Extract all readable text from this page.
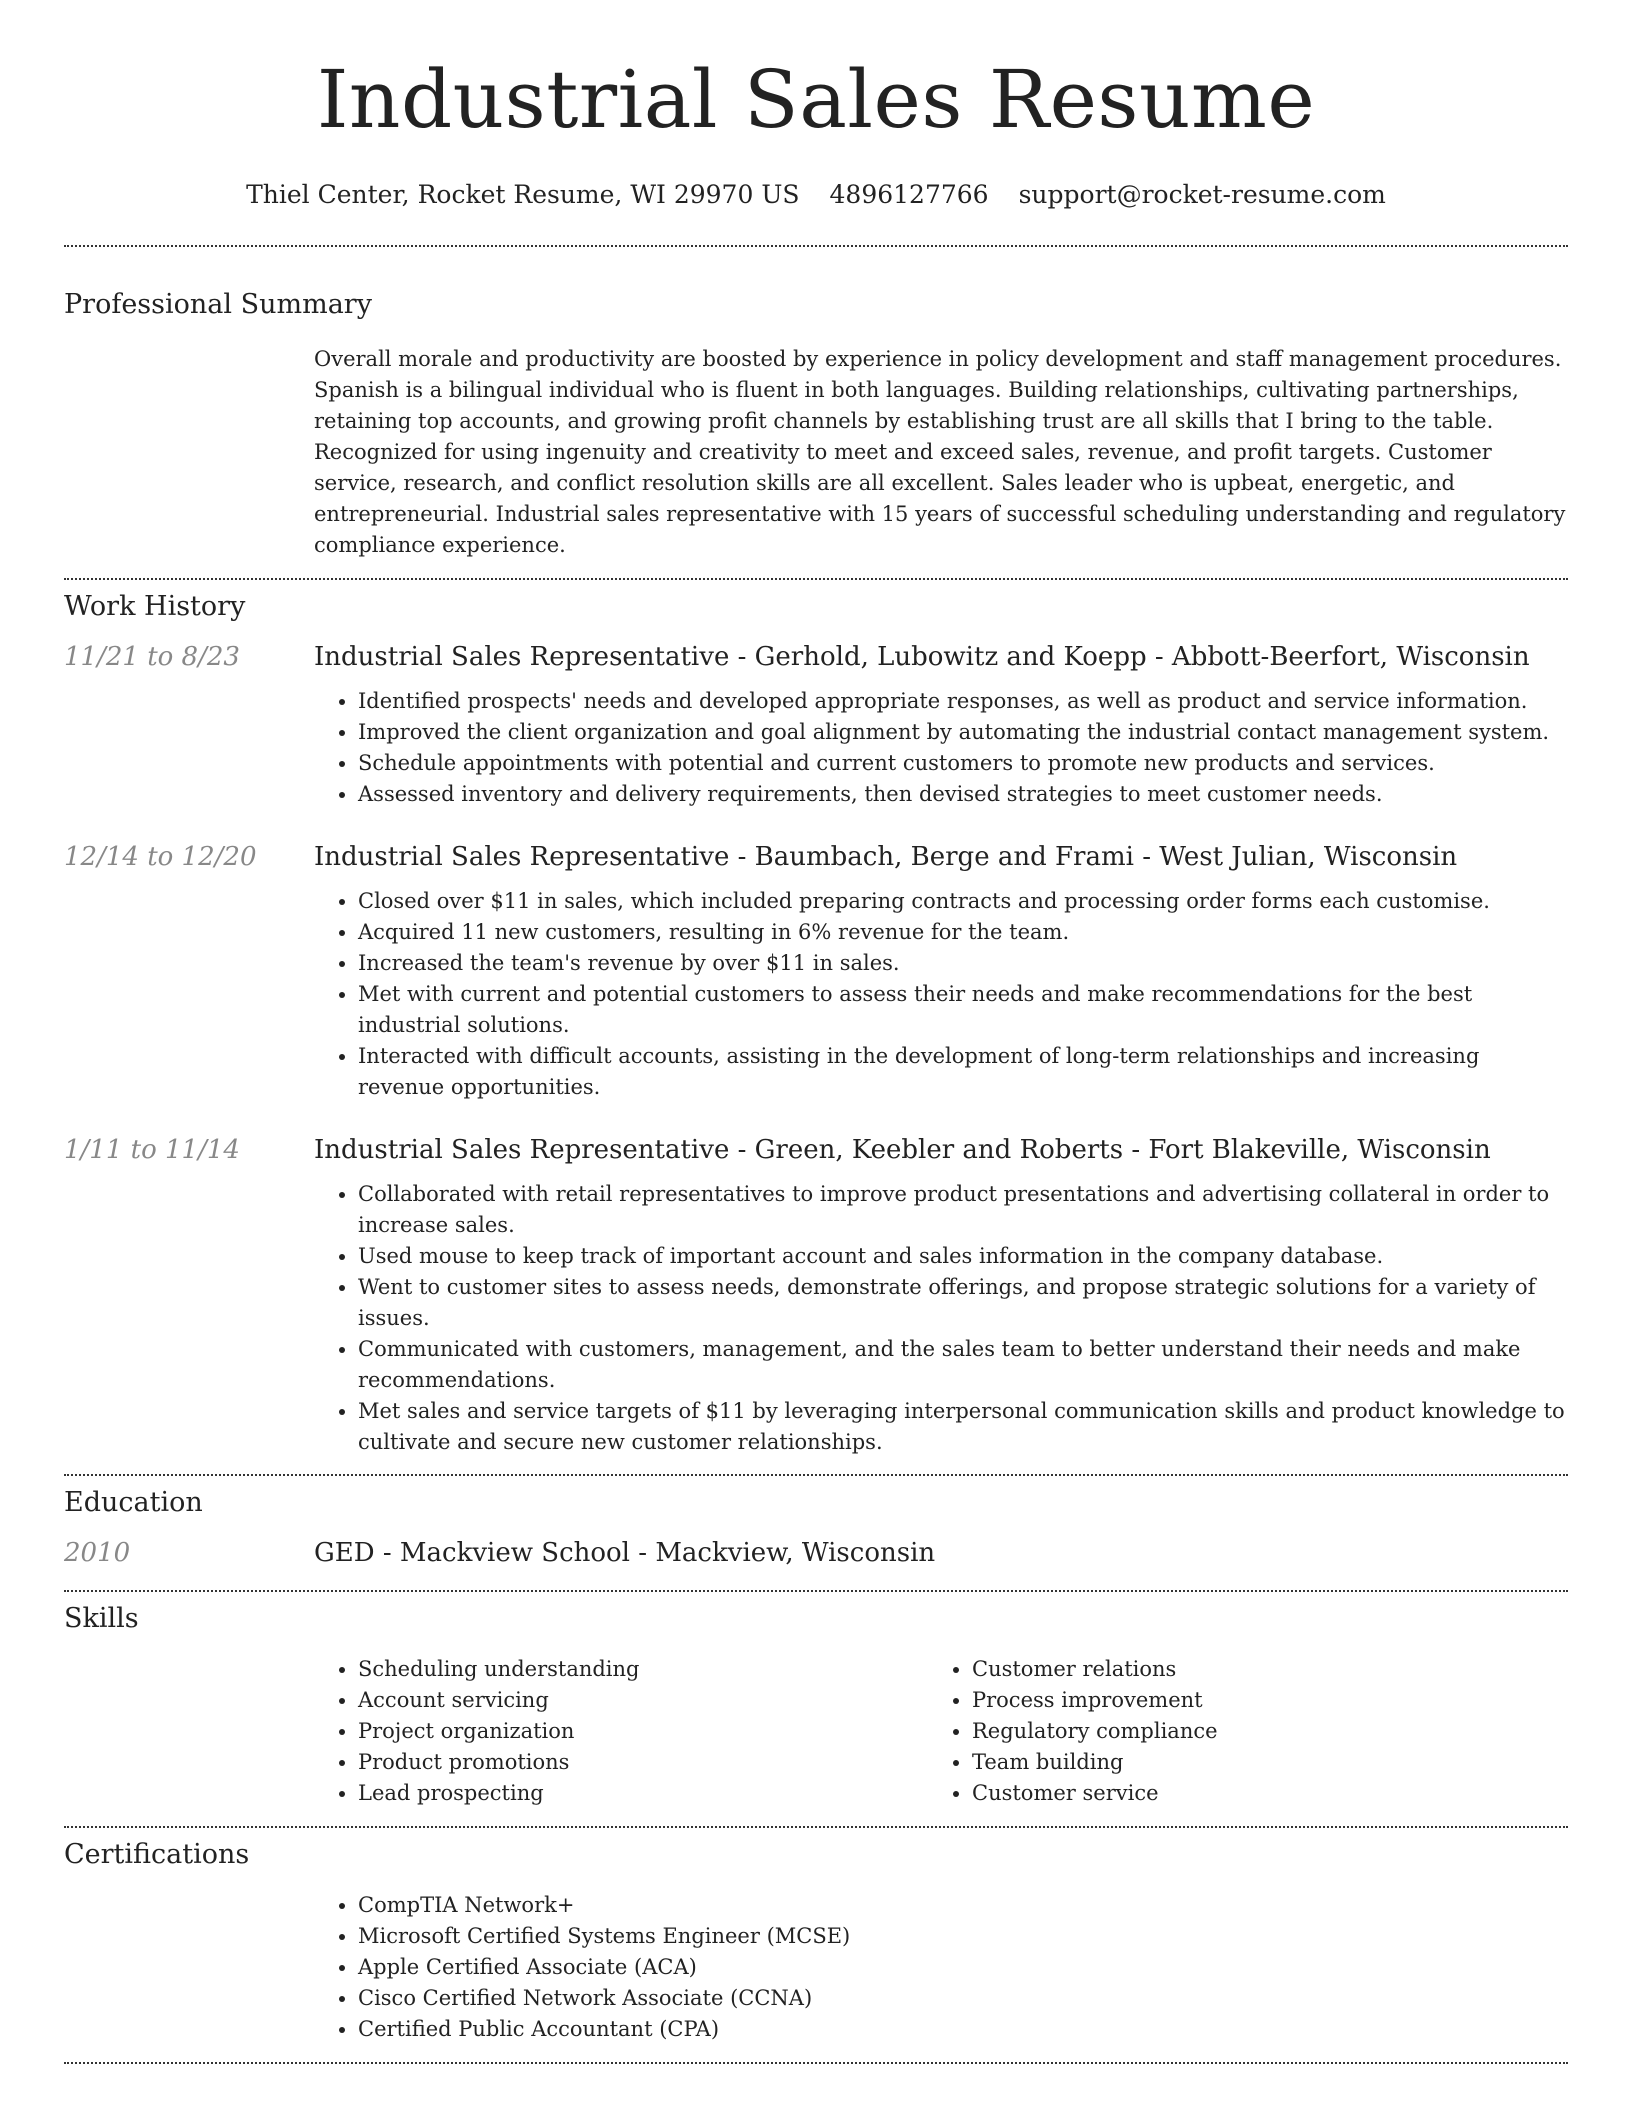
Industrial Sales Resume
Thiel Center, Rocket Resume, WI 29970 US 4896127766 support@rocket-resume.com
Professional Summary
Overall morale and productivity are boosted by experience in policy development and staff management procedures. Spanish is a bilingual individual who is fluent in both languages. Building relationships, cultivating partnerships, retaining top accounts, and growing profit channels by establishing trust are all skills that I bring to the table. Recognized for using ingenuity and creativity to meet and exceed sales, revenue, and profit targets. Customer service, research, and conflict resolution skills are all excellent. Sales leader who is upbeat, energetic, and entrepreneurial. Industrial sales representative with 15 years of successful scheduling understanding and regulatory compliance experience.
Work History
11/21 to 8/23	Industrial Sales Representative - Gerhold, Lubowitz and Koepp - Abbott-Beerfort, Wisconsin
• Identified prospects' needs and developed appropriate responses, as well as product and service information.
• Improved the client organization and goal alignment by automating the industrial contact management system.
• Schedule appointments with potential and current customers to promote new products and services.
• Assessed inventory and delivery requirements, then devised strategies to meet customer needs.
12/14 to 12/20	Industrial Sales Representative - Baumbach, Berge and Frami - West Julian, Wisconsin
• Closed over $11 in sales, which included preparing contracts and processing order forms each customise.
• Acquired 11 new customers, resulting in 6% revenue for the team.
• Increased the team's revenue by over $11 in sales.
• Met with current and potential customers to assess their needs and make recommendations for the best industrial solutions.
• Interacted with difficult accounts, assisting in the development of long-term relationships and increasing revenue opportunities.
1/11 to 11/14	Industrial Sales Representative - Green, Keebler and Roberts - Fort Blakeville, Wisconsin
• Collaborated with retail representatives to improve product presentations and advertising collateral in order to increase sales.
• Used mouse to keep track of important account and sales information in the company database.
• Went to customer sites to assess needs, demonstrate offerings, and propose strategic solutions for a variety of issues.
• Communicated with customers, management, and the sales team to better understand their needs and make recommendations.
• Met sales and service targets of $11 by leveraging interpersonal communication skills and product knowledge to cultivate and secure new customer relationships.
Education
2010	GED - Mackview School - Mackview, Wisconsin
Skills
• Scheduling understanding
• Account servicing
• Project organization
• Product promotions
• Lead prospecting
• Customer relations
• Process improvement
• Regulatory compliance
• Team building
• Customer service
Certifications
• CompTIA Network+
• Microsoft Certified Systems Engineer (MCSE)
• Apple Certified Associate (ACA)
• Cisco Certified Network Associate (CCNA)
• Certified Public Accountant (CPA)
